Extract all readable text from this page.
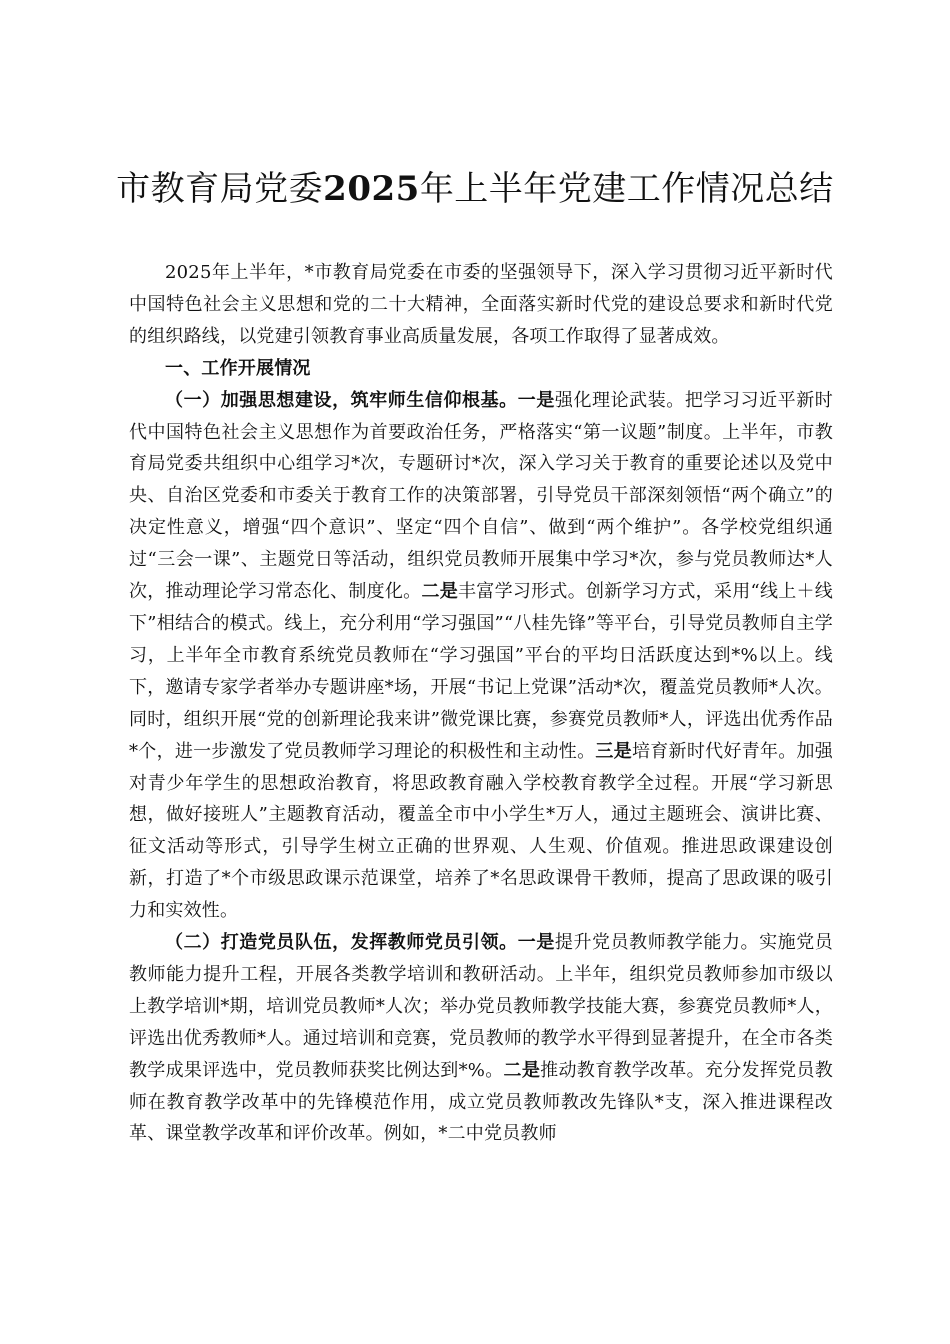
市教育局党委2025年上半年党建工作情况总结

2025年上半年，*市教育局党委在市委的坚强领导下，深入学习贯彻习近平新时代中国特色社会主义思想和党的二十大精神，全面落实新时代党的建设总要求和新时代党的组织路线，以党建引领教育事业高质量发展，各项工作取得了显著成效。

一、工作开展情况

（一）加强思想建设，筑牢师生信仰根基。一是强化理论武装。把学习习近平新时代中国特色社会主义思想作为首要政治任务，严格落实“第一议题”制度。上半年，市教育局党委共组织中心组学习*次，专题研讨*次，深入学习关于教育的重要论述以及党中央、自治区党委和市委关于教育工作的决策部署，引导党员干部深刻领悟“两个确立”的决定性意义，增强“四个意识”、坚定“四个自信”、做到“两个维护”。各学校党组织通过“三会一课”、主题党日等活动，组织党员教师开展集中学习*次，参与党员教师达*人次，推动理论学习常态化、制度化。二是丰富学习形式。创新学习方式，采用“线上＋线下”相结合的模式。线上，充分利用“学习强国”“八桂先锋”等平台，引导党员教师自主学习，上半年全市教育系统党员教师在“学习强国”平台的平均日活跃度达到*%以上。线下，邀请专家学者举办专题讲座*场，开展“书记上党课”活动*次，覆盖党员教师*人次。同时，组织开展“党的创新理论我来讲”微党课比赛，参赛党员教师*人，评选出优秀作品*个，进一步激发了党员教师学习理论的积极性和主动性。三是培育新时代好青年。加强对青少年学生的思想政治教育，将思政教育融入学校教育教学全过程。开展“学习新思想，做好接班人”主题教育活动，覆盖全市中小学生*万人，通过主题班会、演讲比赛、征文活动等形式，引导学生树立正确的世界观、人生观、价值观。推进思政课建设创新，打造了*个市级思政课示范课堂，培养了*名思政课骨干教师，提高了思政课的吸引力和实效性。

（二）打造党员队伍，发挥教师党员引领。一是提升党员教师教学能力。实施党员教师能力提升工程，开展各类教学培训和教研活动。上半年，组织党员教师参加市级以上教学培训*期，培训党员教师*人次；举办党员教师教学技能大赛，参赛党员教师*人，评选出优秀教师*人。通过培训和竞赛，党员教师的教学水平得到显著提升，在全市各类教学成果评选中，党员教师获奖比例达到*%。二是推动教育教学改革。充分发挥党员教师在教育教学改革中的先锋模范作用，成立党员教师教改先锋队*支，深入推进课程改革、课堂教学改革和评价改革。例如，*二中党员教师
